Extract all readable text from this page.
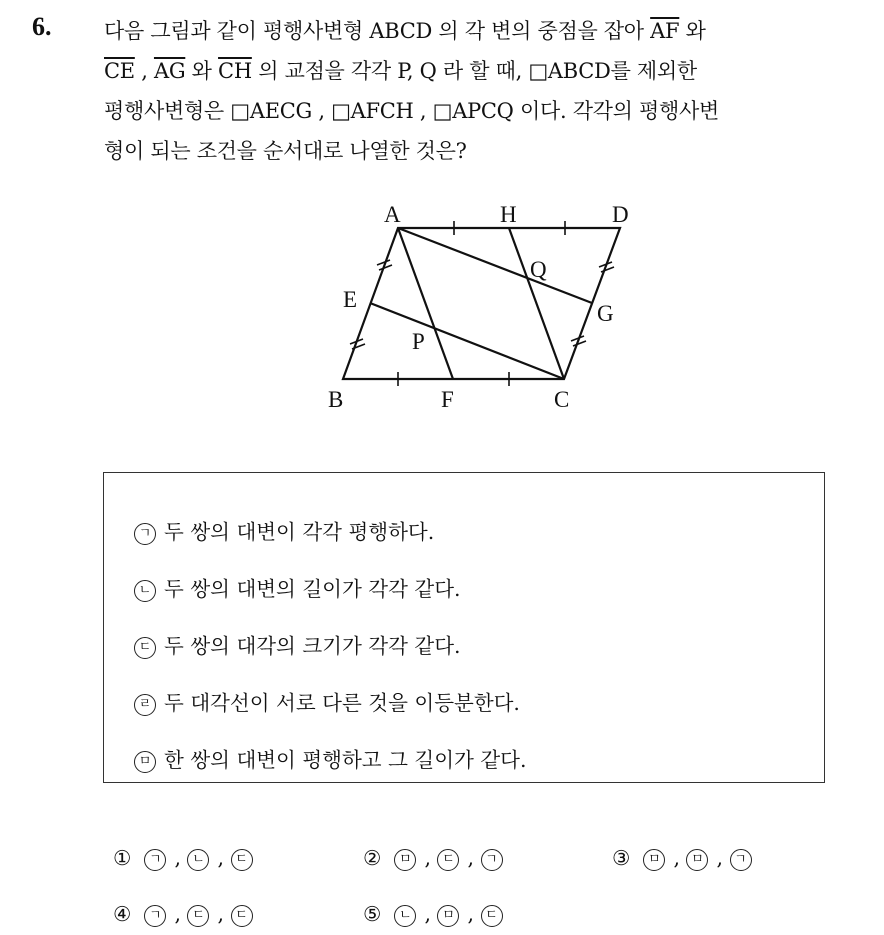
6.	다음 그림과 같이 평행사변형 ABCD 의 각 변의 중점을 잡아 $\overline{AF}$ 와
$\overline{CE}$ , $\overline{AG}$ 와 $\overline{CH}$ 의 교점을 각각 P, Q 라 할 때, □ABCD를 제외한
평행사변형은 □AECG , □AFCH , □APCQ 이다. 각각의 평행사변
형이 되는 조건을 순서대로 나열한 것은?
A	H	D
E
Q
G
P
B	F	C
ㄱ 두 쌍의 대변이 각각 평행하다.
ㄴ 두 쌍의 대변의 길이가 각각 같다.
ㄷ 두 쌍의 대각의 크기가 각각 같다.
ㄹ 두 대각선이 서로 다른 것을 이등분한다.
ㅁ 한 쌍의 대변이 평행하고 그 길이가 같다.
① ㄱ , ㄴ , ㄷ	② ㅁ , ㄷ , ㄱ	③ ㅁ , ㅁ , ㄱ
④ ㄱ , ㄷ , ㄷ	⑤ ㄴ , ㅁ , ㄷ
